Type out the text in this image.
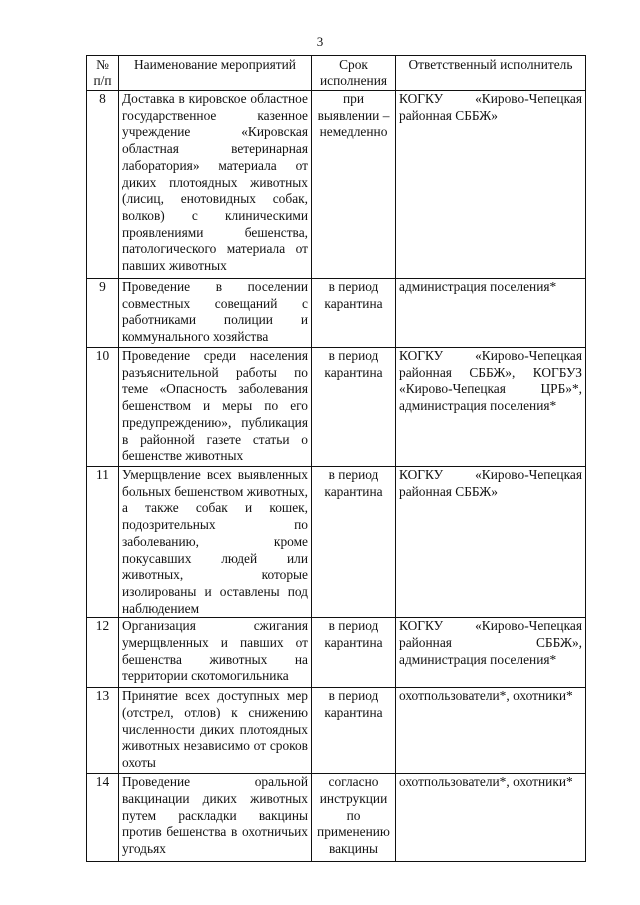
3
№ п/п	Наименование мероприятий	Срок исполнения	Ответственный исполнитель
8	Доставка в кировское областное государственное казенное учреждение «Кировская областная ветеринарная лаборатория» материала от диких плотоядных животных (лисиц, енотовидных собак, волков) с клиническими проявлениями бешенства, патологического материала от павших животных	при выявлении – немедленно	КОГКУ «Кирово-Чепецкая районная СББЖ»
9	Проведение в поселении совместных совещаний с работниками полиции и коммунального хозяйства	в период карантина	администрация поселения*
10	Проведение среди населения разъяснительной работы по теме «Опасность заболевания бешенством и меры по его предупреждению», публикация в районной газете статьи о бешенстве животных	в период карантина	КОГКУ «Кирово-Чепецкая районная СББЖ», КОГБУЗ «Кирово-Чепецкая ЦРБ»*, администрация поселения*
11	Умерщвление всех выявленных больных бешенством животных, а также собак и кошек, подозрительных по заболеванию, кроме покусавших людей или животных, которые изолированы и оставлены под наблюдением	в период карантина	КОГКУ «Кирово-Чепецкая районная СББЖ»
12	Организация сжигания умерщвленных и павших от бешенства животных на территории скотомогильника	в период карантина	КОГКУ «Кирово-Чепецкая районная СББЖ», администрация поселения*
13	Принятие всех доступных мер (отстрел, отлов) к снижению численности диких плотоядных животных независимо от сроков охоты	в период карантина	охотпользователи*, охотники*
14	Проведение оральной вакцинации диких животных путем раскладки вакцины против бешенства в охотничьих угодьях	согласно инструкции по применению вакцины	охотпользователи*, охотники*
